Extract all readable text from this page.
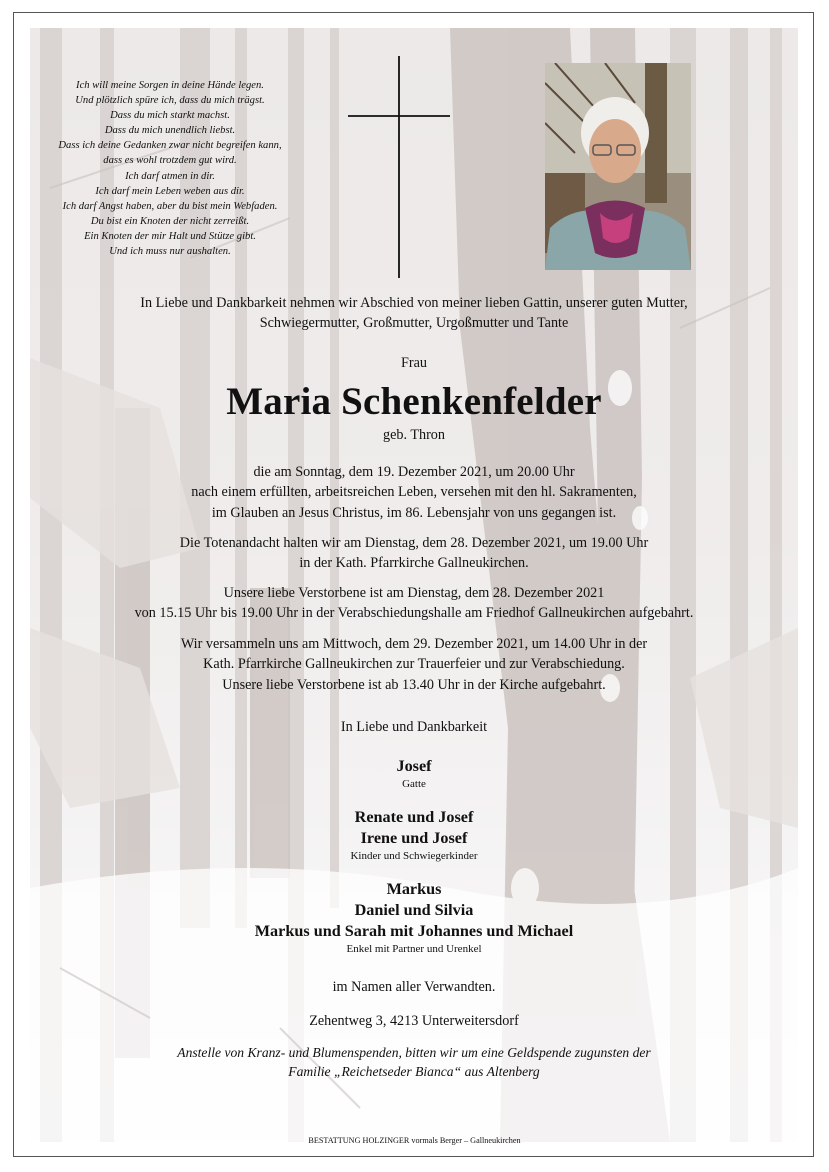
Ich will meine Sorgen in deine Hände legen.
Und plötzlich spüre ich, dass du mich trägst.
Dass du mich starkt machst.
Dass du mich unendlich liebst.
Dass ich deine Gedanken zwar nicht begreifen kann,
dass es wohl trotzdem gut wird.
Ich darf atmen in dir.
Ich darf mein Leben weben aus dir.
Ich darf Angst haben, aber du bist mein Webfaden.
Du bist ein Knoten der nicht zerreißt.
Ein Knoten der mir Halt und Stütze gibt.
Und ich muss nur aushalten.
In Liebe und Dankbarkeit nehmen wir Abschied von meiner lieben Gattin, unserer guten Mutter,
Schwiegermutter, Großmutter, Urgoßmutter und Tante
Frau
Maria Schenkenfelder
geb. Thron
die am Sonntag, dem 19. Dezember 2021, um 20.00 Uhr
nach einem erfüllten, arbeitsreichen Leben, versehen mit den hl. Sakramenten,
im Glauben an Jesus Christus, im 86. Lebensjahr von uns gegangen ist.
Die Totenandacht halten wir am Dienstag, dem 28. Dezember 2021, um 19.00 Uhr
in der Kath. Pfarrkirche Gallneukirchen.
Unsere liebe Verstorbene ist am Dienstag, dem 28. Dezember 2021
von 15.15 Uhr bis 19.00 Uhr in der Verabschiedungshalle am Friedhof Gallneukirchen aufgebahrt.
Wir versammeln uns am Mittwoch, dem 29. Dezember 2021, um 14.00 Uhr in der
Kath. Pfarrkirche Gallneukirchen zur Trauerfeier und zur Verabschiedung.
Unsere liebe Verstorbene ist ab 13.40 Uhr in der Kirche aufgebahrt.
In Liebe und Dankbarkeit
Josef
Gatte
Renate und Josef
Irene und Josef
Kinder und Schwiegerkinder
Markus
Daniel und Silvia
Markus und Sarah mit Johannes und Michael
Enkel mit Partner und Urenkel
im Namen aller Verwandten.
Zehentweg 3, 4213 Unterweitersdorf
Anstelle von Kranz- und Blumenspenden, bitten wir um eine Geldspende zugunsten der
Familie „Reichetseder Bianca“ aus Altenberg
BESTATTUNG HOLZINGER vormals Berger – Gallneukirchen
